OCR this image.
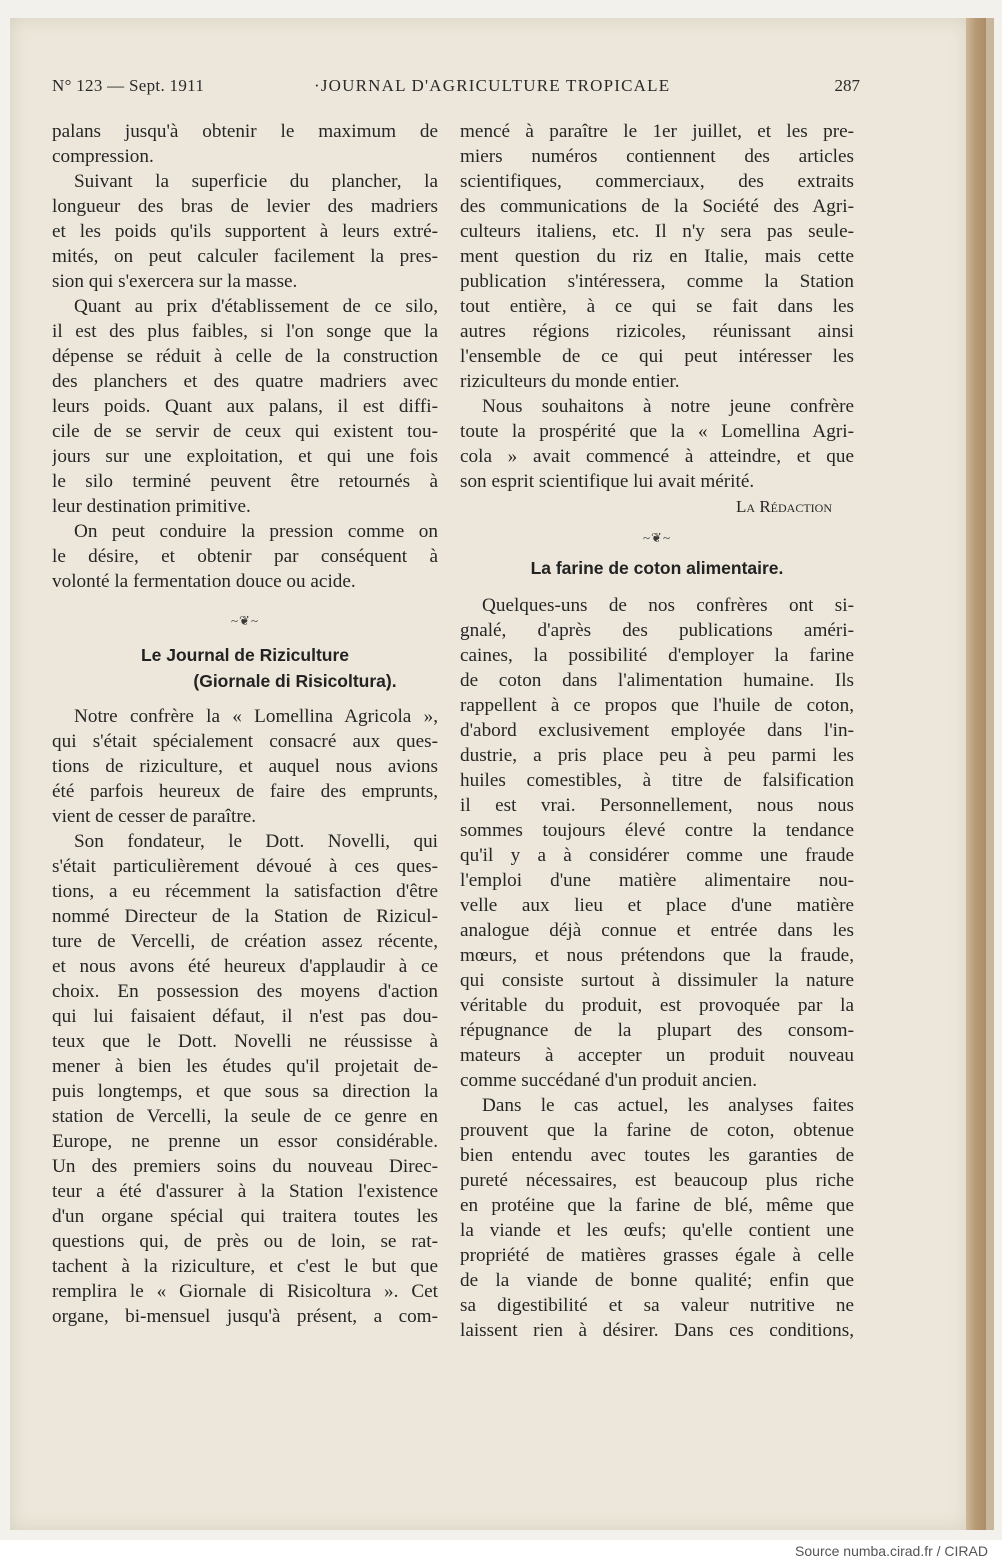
N° 123 — Sept. 1911	·JOURNAL D'AGRICULTURE TROPICALE	287
palans jusqu'à obtenir le maximum de
compression.
Suivant la superficie du plancher, la
longueur des bras de levier des madriers
et les poids qu'ils supportent à leurs extré-
mités, on peut calculer facilement la pres-
sion qui s'exercera sur la masse.
Quant au prix d'établissement de ce silo,
il est des plus faibles, si l'on songe que la
dépense se réduit à celle de la construction
des planchers et des quatre madriers avec
leurs poids. Quant aux palans, il est diffi-
cile de se servir de ceux qui existent tou-
jours sur une exploitation, et qui une fois
le silo terminé peuvent être retournés à
leur destination primitive.
On peut conduire la pression comme on
le désire, et obtenir par conséquent à
volonté la fermentation douce ou acide.
~❦~
Le Journal de Riziculture
(Giornale di Risicoltura).
Notre confrère la « Lomellina Agricola »,
qui s'était spécialement consacré aux ques-
tions de riziculture, et auquel nous avions
été parfois heureux de faire des emprunts,
vient de cesser de paraître.
Son fondateur, le Dott. Novelli, qui
s'était particulièrement dévoué à ces ques-
tions, a eu récemment la satisfaction d'être
nommé Directeur de la Station de Rizicul-
ture de Vercelli, de création assez récente,
et nous avons été heureux d'applaudir à ce
choix. En possession des moyens d'action
qui lui faisaient défaut, il n'est pas dou-
teux que le Dott. Novelli ne réussisse à
mener à bien les études qu'il projetait de-
puis longtemps, et que sous sa direction la
station de Vercelli, la seule de ce genre en
Europe, ne prenne un essor considérable.
Un des premiers soins du nouveau Direc-
teur a été d'assurer à la Station l'existence
d'un organe spécial qui traitera toutes les
questions qui, de près ou de loin, se rat-
tachent à la riziculture, et c'est le but que
remplira le « Giornale di Risicoltura ». Cet
organe, bi-mensuel jusqu'à présent, a com-
mencé à paraître le 1er juillet, et les pre-
miers numéros contiennent des articles
scientifiques, commerciaux, des extraits
des communications de la Société des Agri-
culteurs italiens, etc. Il n'y sera pas seule-
ment question du riz en Italie, mais cette
publication s'intéressera, comme la Station
tout entière, à ce qui se fait dans les
autres régions rizicoles, réunissant ainsi
l'ensemble de ce qui peut intéresser les
riziculteurs du monde entier.
Nous souhaitons à notre jeune confrère
toute la prospérité que la « Lomellina Agri-
cola » avait commencé à atteindre, et que
son esprit scientifique lui avait mérité.
La Rédaction
~❦~
La farine de coton alimentaire.
Quelques-uns de nos confrères ont si-
gnalé, d'après des publications améri-
caines, la possibilité d'employer la farine
de coton dans l'alimentation humaine. Ils
rappellent à ce propos que l'huile de coton,
d'abord exclusivement employée dans l'in-
dustrie, a pris place peu à peu parmi les
huiles comestibles, à titre de falsification
il est vrai. Personnellement, nous nous
sommes toujours élevé contre la tendance
qu'il y a à considérer comme une fraude
l'emploi d'une matière alimentaire nou-
velle aux lieu et place d'une matière
analogue déjà connue et entrée dans les
mœurs, et nous prétendons que la fraude,
qui consiste surtout à dissimuler la nature
véritable du produit, est provoquée par la
répugnance de la plupart des consom-
mateurs à accepter un produit nouveau
comme succédané d'un produit ancien.
Dans le cas actuel, les analyses faites
prouvent que la farine de coton, obtenue
bien entendu avec toutes les garanties de
pureté nécessaires, est beaucoup plus riche
en protéine que la farine de blé, même que
la viande et les œufs; qu'elle contient une
propriété de matières grasses égale à celle
de la viande de bonne qualité; enfin que
sa digestibilité et sa valeur nutritive ne
laissent rien à désirer. Dans ces conditions,
Source numba.cirad.fr / CIRAD
